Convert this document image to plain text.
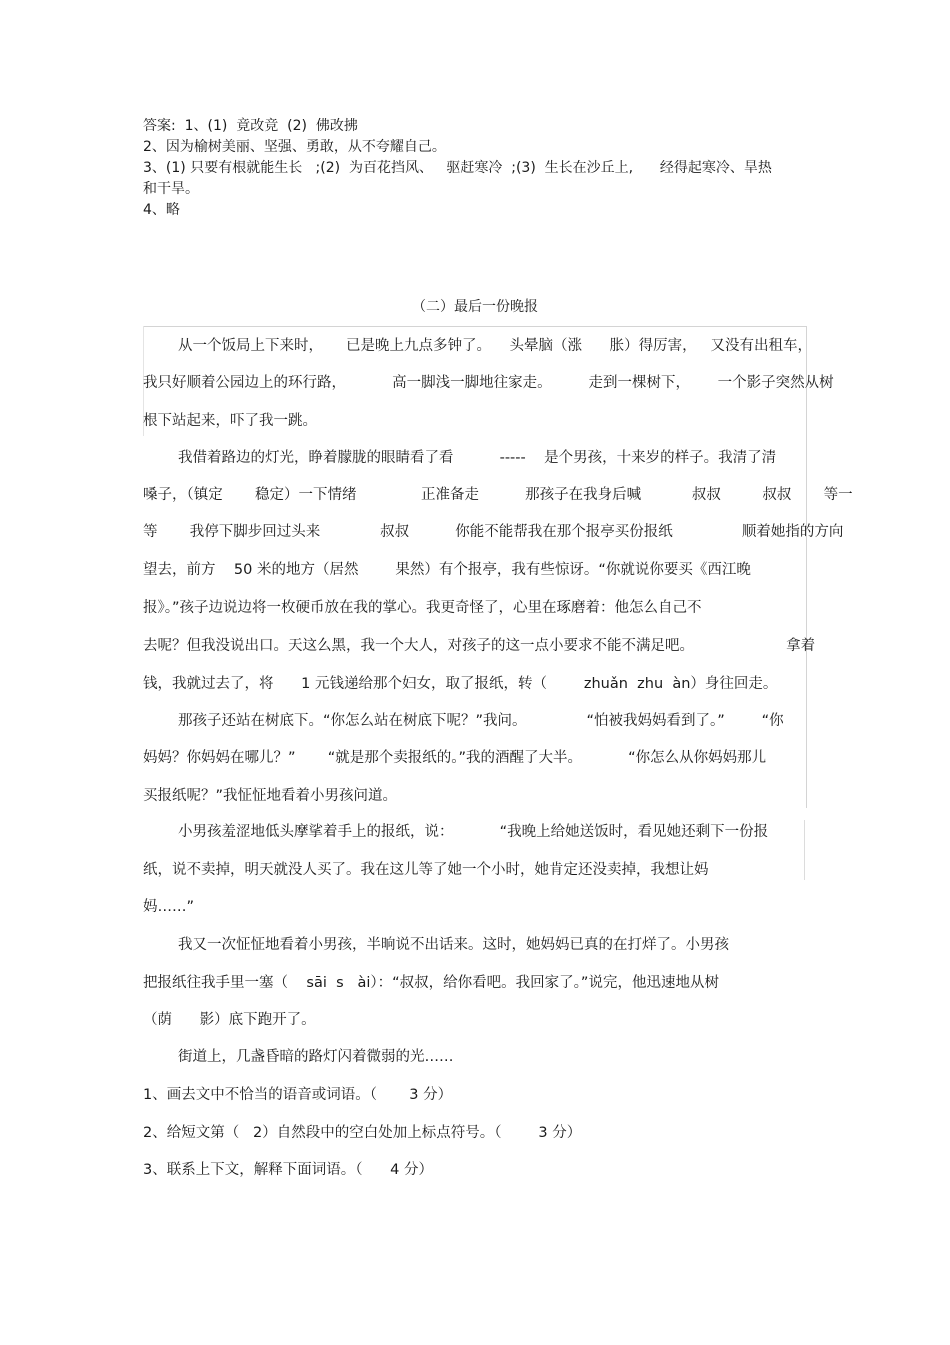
答案:  1、(1)  竟改竞  (2)  佛改拂
2、因为榆树美丽、坚强、勇敢，从不夸耀自己。
3、(1) 只要有根就能生长   ;(2)  为百花挡风、   驱赶寒冷  ;(3)  生长在沙丘上,      经得起寒冷、旱热
和干旱。
4、略
（二）最后一份晚报
从一个饭局上下来时，     已是晚上九点多钟了。    头晕脑（涨      胀）得厉害，   又没有出租车，
我只好顺着公园边上的环行路，          高一脚浅一脚地往家走。        走到一棵树下，      一个影子突然从树
根下站起来，吓了我一跳。
我借着路边的灯光，睁着朦胧的眼睛看了看          -----    是个男孩，十来岁的样子。我清了清
嗓子，（镇定       稳定）一下情绪              正准备走          那孩子在我身后喊           叔叔         叔叔       等一
等       我停下脚步回过头来             叔叔          你能不能帮我在那个报亭买份报纸               顺着她指的方向
望去，前方    50 米的地方（居然        果然）有个报亭，我有些惊讶。“你就说你要买《西江晚
报》。”孩子边说边将一枚硬币放在我的掌心。我更奇怪了，心里在琢磨着：他怎么自己不
去呢？但我没说出口。天这么黑，我一个大人，对孩子的这一点小要求不能不满足吧。                    拿着
钱，我就过去了，将      1 元钱递给那个妇女，取了报纸，转（        zhuǎn  zhu  àn）身往回走。
那孩子还站在树底下。“你怎么站在树底下呢？”我问。             “怕被我妈妈看到了。”        “你
妈妈？你妈妈在哪儿？”       “就是那个卖报纸的。”我的酒醒了大半。          “你怎么从你妈妈那儿
买报纸呢？”我怔怔地看着小男孩问道。
小男孩羞涩地低头摩挲着手上的报纸，说：          “我晚上给她送饭时，看见她还剩下一份报
纸，说不卖掉，明天就没人买了。我在这儿等了她一个小时，她肯定还没卖掉，我想让妈
妈……”
我又一次怔怔地看着小男孩，半晌说不出话来。这时，她妈妈已真的在打烊了。小男孩
把报纸往我手里一塞（    sāi  s   ài）：“叔叔，给你看吧。我回家了。”说完，他迅速地从树
（荫      影）底下跑开了。
街道上，几盏昏暗的路灯闪着微弱的光……
1、画去文中不恰当的语音或词语。（       3 分）
2、给短文第（   2）自然段中的空白处加上标点符号。（        3 分）
3、联系上下文，解释下面词语。（      4 分）
